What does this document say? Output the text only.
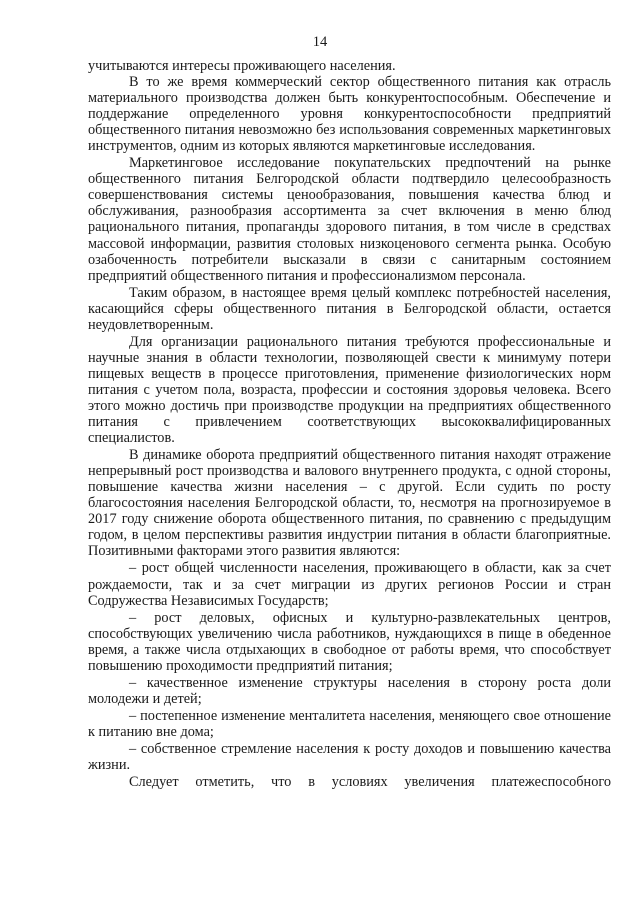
14

учитываются интересы проживающего населения.

В то же время коммерческий сектор общественного питания как отрасль материального производства должен быть конкурентоспособным. Обеспечение и поддержание определенного уровня конкурентоспособности предприятий общественного питания невозможно без использования современных маркетинговых инструментов, одним из которых являются маркетинговые исследования.

Маркетинговое исследование покупательских предпочтений на рынке общественного питания Белгородской области подтвердило целесообразность совершенствования системы ценообразования, повышения качества блюд и обслуживания, разнообразия ассортимента за счет включения в меню блюд рационального питания, пропаганды здорового питания, в том числе в средствах массовой информации, развития столовых низкоценового сегмента рынка. Особую озабоченность потребители высказали в связи с санитарным состоянием предприятий общественного питания и профессионализмом персонала.

Таким образом, в настоящее время целый комплекс потребностей населения, касающийся сферы общественного питания в Белгородской области, остается неудовлетворенным.

Для организации рационального питания требуются профессиональные и научные знания в области технологии, позволяющей свести к минимуму потери пищевых веществ в процессе приготовления, применение физиологических норм питания с учетом пола, возраста, профессии и состояния здоровья человека. Всего этого можно достичь при производстве продукции на предприятиях общественного питания с привлечением соответствующих высококвалифицированных специалистов.

В динамике оборота предприятий общественного питания находят отражение непрерывный рост производства и валового внутреннего продукта, с одной стороны, повышение качества жизни населения – с другой. Если судить по росту благосостояния населения Белгородской области, то, несмотря на прогнозируемое в 2017 году снижение оборота общественного питания, по сравнению с предыдущим годом, в целом перспективы развития индустрии питания в области благоприятные. Позитивными факторами этого развития являются:

– рост общей численности населения, проживающего в области, как за счет рождаемости, так и за счет миграции из других регионов России и стран Содружества Независимых Государств;

– рост деловых, офисных и культурно-развлекательных центров, способствующих увеличению числа работников, нуждающихся в пище в обеденное время, а также числа отдыхающих в свободное от работы время, что способствует повышению проходимости предприятий питания;

– качественное изменение структуры населения в сторону роста доли молодежи и детей;

– постепенное изменение менталитета населения, меняющего свое отношение к питанию вне дома;

– собственное стремление населения к росту доходов и повышению качества жизни.

Следует отметить, что в условиях увеличения платежеспособного
